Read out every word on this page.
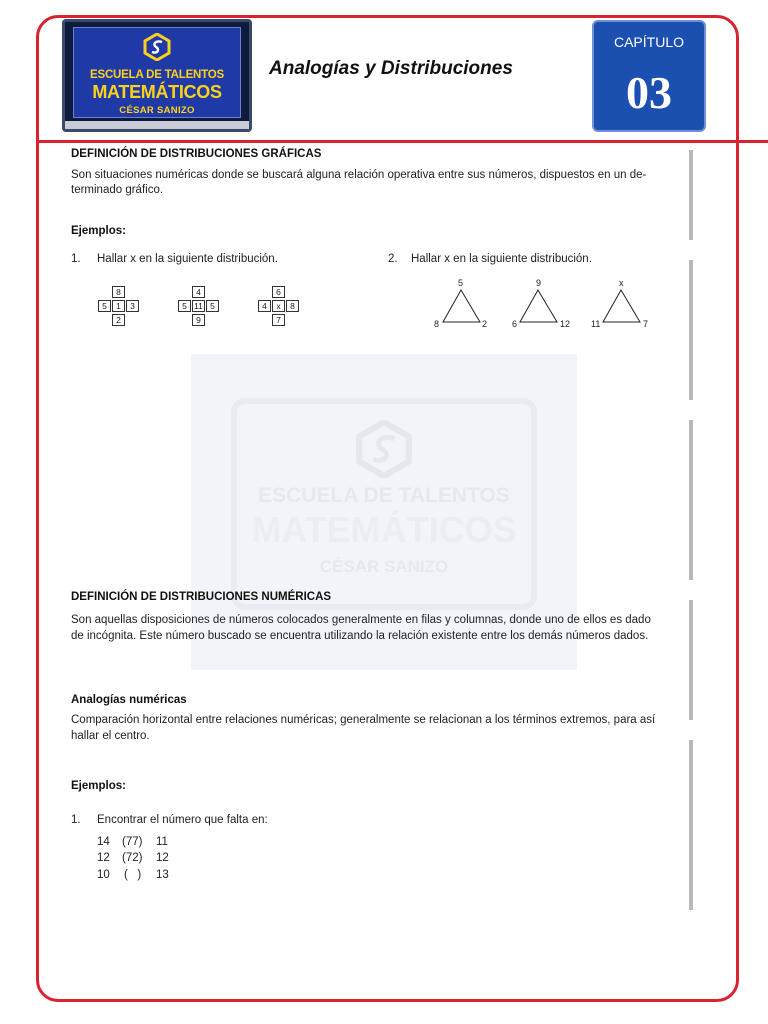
ESCUELA DE TALENTOS
MATEMÁTICOS
CÉSAR SANIZO
Analogías y Distribuciones
CAPÍTULO
03
ESCUELA DE TALENTOS
MATEMÁTICOS
CÉSAR SANIZO
DEFINICIÓN DE DISTRIBUCIONES GRÁFICAS
Son situaciones numéricas donde se buscará alguna relación operativa entre sus números, dispuestos en un de-
terminado gráfico.
Ejemplos:
1. Hallar x en la siguiente distribución.	2. Hallar x en la siguiente distribución.
8
5	1	3
2
4
5 11 5
9
6
4	x	8
7
5
8	2
9
6	12
x
11	7
DEFINICIÓN DE DISTRIBUCIONES NUMÉRICAS
Son aquellas disposiciones de números colocados generalmente en filas y columnas, donde uno de ellos es dado
de incógnita. Este número buscado se encuentra utilizando la relación existente entre los demás números dados.
Analogías numéricas
Comparación horizontal entre relaciones numéricas; generalmente se relacionan a los términos extremos, para así
hallar el centro.
Ejemplos:
1. Encontrar el número que falta en:
14 (77) 11
12 (72) 12
10 (   ) 13
